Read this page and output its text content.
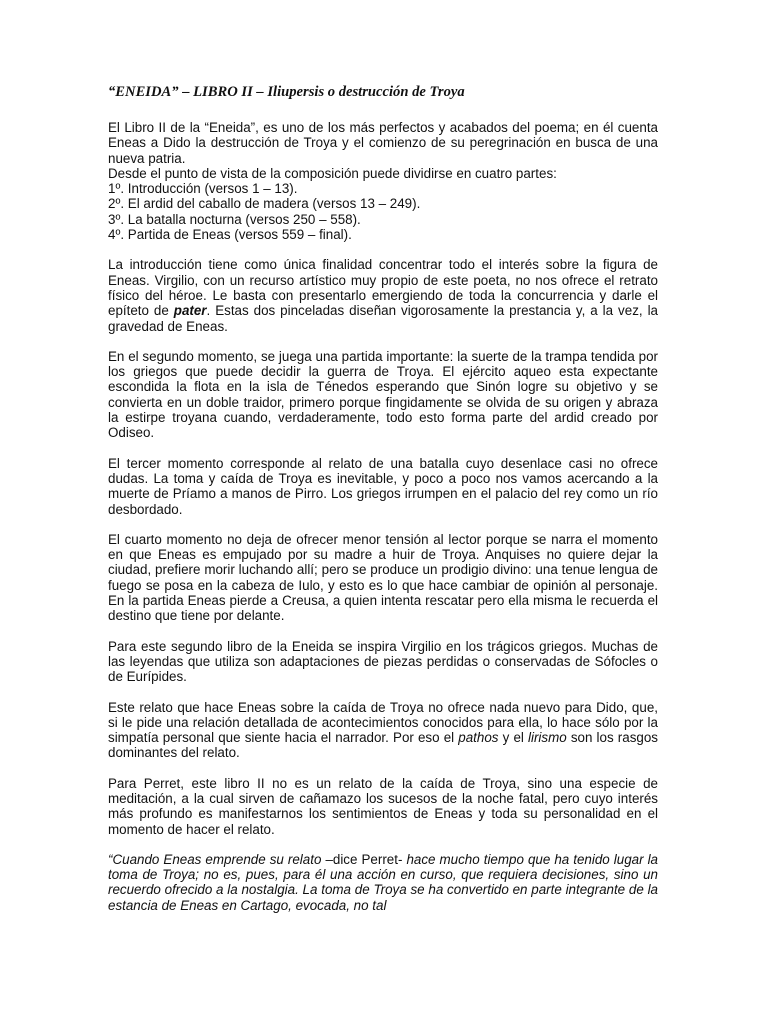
“ENEIDA” – LIBRO II – Iliupersis o destrucción de Troya

El Libro II de la “Eneida”, es uno de los más perfectos y acabados del poema; en él cuenta Eneas a Dido la destrucción de Troya y el comienzo de su peregrinación en busca de una nueva patria.

Desde el punto de vista de la composición puede dividirse en cuatro partes:
1º. Introducción (versos 1 – 13).
2º. El ardid del caballo de madera (versos 13 – 249).
3º. La batalla nocturna (versos 250 – 558).
4º. Partida de Eneas (versos 559 – final).

La introducción tiene como única finalidad concentrar todo el interés sobre la figura de Eneas. Virgilio, con un recurso artístico muy propio de este poeta, no nos ofrece el retrato físico del héroe. Le basta con presentarlo emergiendo de toda la concurrencia y darle el epíteto de pater. Estas dos pinceladas diseñan vigorosamente la prestancia y, a la vez, la gravedad de Eneas.

En el segundo momento, se juega una partida importante: la suerte de la trampa tendida por los griegos que puede decidir la guerra de Troya. El ejército aqueo esta expectante escondida la flota en la isla de Ténedos esperando que Sinón logre su objetivo y se convierta en un doble traidor, primero porque fingidamente se olvida de su origen y abraza la estirpe troyana cuando, verdaderamente, todo esto forma parte del ardid creado por Odiseo.

El tercer momento corresponde al relato de una batalla cuyo desenlace casi no ofrece dudas. La toma y caída de Troya es inevitable, y poco a poco nos vamos acercando a la muerte de Príamo a manos de Pirro. Los griegos irrumpen en el palacio del rey como un río desbordado.

El cuarto momento no deja de ofrecer menor tensión al lector porque se narra el momento en que Eneas es empujado por su madre a huir de Troya. Anquises no quiere dejar la ciudad, prefiere morir luchando allí; pero se produce un prodigio divino: una tenue lengua de fuego se posa en la cabeza de Iulo, y esto es lo que hace cambiar de opinión al personaje. En la partida Eneas pierde a Creusa, a quien intenta rescatar pero ella misma le recuerda el destino que tiene por delante.

Para este segundo libro de la Eneida se inspira Virgilio en los trágicos griegos. Muchas de las leyendas que utiliza son adaptaciones de piezas perdidas o conservadas de Sófocles o de Eurípides.

Este relato que hace Eneas sobre la caída de Troya no ofrece nada nuevo para Dido, que, si le pide una relación detallada de acontecimientos conocidos para ella, lo hace sólo por la simpatía personal que siente hacia el narrador. Por eso el pathos y el lirismo son los rasgos dominantes del relato.

Para Perret, este libro II no es un relato de la caída de Troya, sino una especie de meditación, a la cual sirven de cañamazo los sucesos de la noche fatal, pero cuyo interés más profundo es manifestarnos los sentimientos de Eneas y toda su personalidad en el momento de hacer el relato.

“Cuando Eneas emprende su relato –dice Perret- hace mucho tiempo que ha tenido lugar la toma de Troya; no es, pues, para él una acción en curso, que requiera decisiones, sino un recuerdo ofrecido a la nostalgia. La toma de Troya se ha convertido en parte integrante de la estancia de Eneas en Cartago, evocada, no tal
